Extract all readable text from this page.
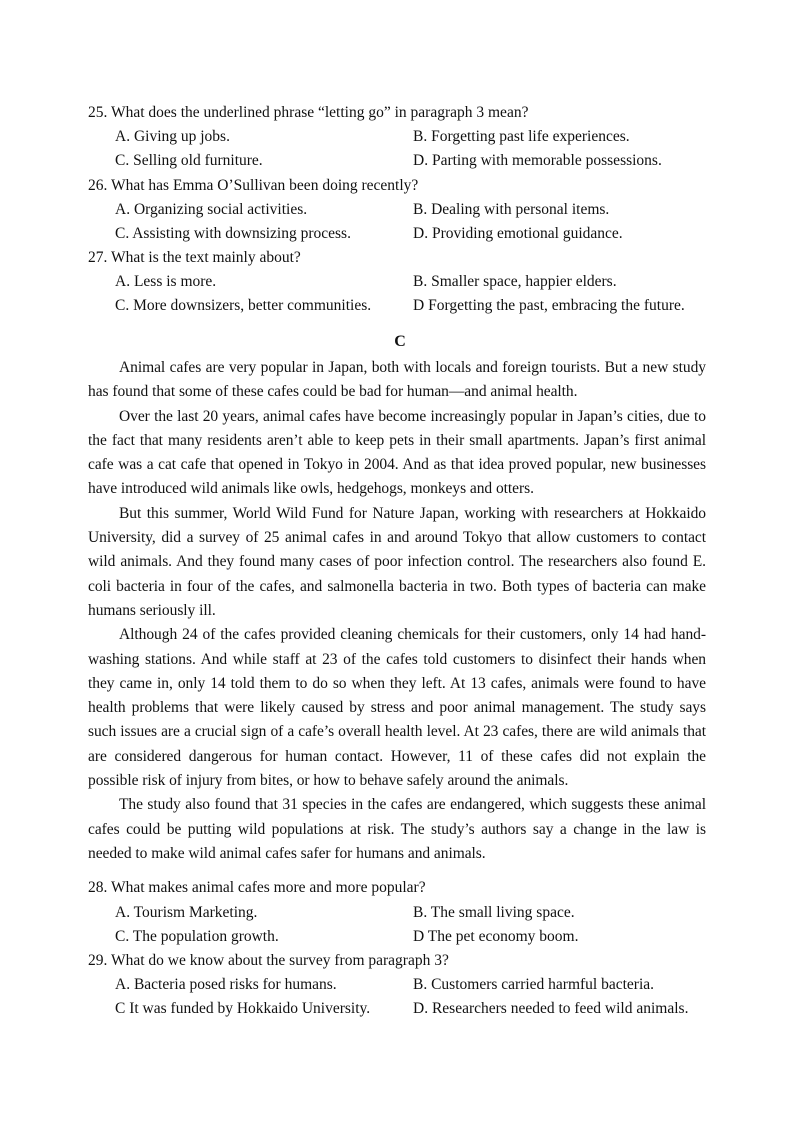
25. What does the underlined phrase “letting go” in paragraph 3 mean?
A. Giving up jobs.	B. Forgetting past life experiences.
C. Selling old furniture.	D. Parting with memorable possessions.
26. What has Emma O’Sullivan been doing recently?
A. Organizing social activities.	B. Dealing with personal items.
C. Assisting with downsizing process.	D. Providing emotional guidance.
27. What is the text mainly about?
A. Less is more.	B. Smaller space, happier elders.
C. More downsizers, better communities.	D Forgetting the past, embracing the future.
C

Animal cafes are very popular in Japan, both with locals and foreign tourists. But a new study has found that some of these cafes could be bad for human—and animal health.

Over the last 20 years, animal cafes have become increasingly popular in Japan’s cities, due to the fact that many residents aren’t able to keep pets in their small apartments. Japan’s first animal cafe was a cat cafe that opened in Tokyo in 2004. And as that idea proved popular, new businesses have introduced wild animals like owls, hedgehogs, monkeys and otters.

But this summer, World Wild Fund for Nature Japan, working with researchers at Hokkaido University, did a survey of 25 animal cafes in and around Tokyo that allow customers to contact wild animals. And they found many cases of poor infection control. The researchers also found E. coli bacteria in four of the cafes, and salmonella bacteria in two. Both types of bacteria can make humans seriously ill.

Although 24 of the cafes provided cleaning chemicals for their customers, only 14 had hand-washing stations. And while staff at 23 of the cafes told customers to disinfect their hands when they came in, only 14 told them to do so when they left. At 13 cafes, animals were found to have health problems that were likely caused by stress and poor animal management. The study says such issues are a crucial sign of a cafe’s overall health level. At 23 cafes, there are wild animals that are considered dangerous for human contact. However, 11 of these cafes did not explain the possible risk of injury from bites, or how to behave safely around the animals.

The study also found that 31 species in the cafes are endangered, which suggests these animal cafes could be putting wild populations at risk. The study’s authors say a change in the law is needed to make wild animal cafes safer for humans and animals.

28. What makes animal cafes more and more popular?
A. Tourism Marketing.	B. The small living space.
C. The population growth.	D The pet economy boom.
29. What do we know about the survey from paragraph 3?
A. Bacteria posed risks for humans.	B. Customers carried harmful bacteria.
C It was funded by Hokkaido University.	D. Researchers needed to feed wild animals.
